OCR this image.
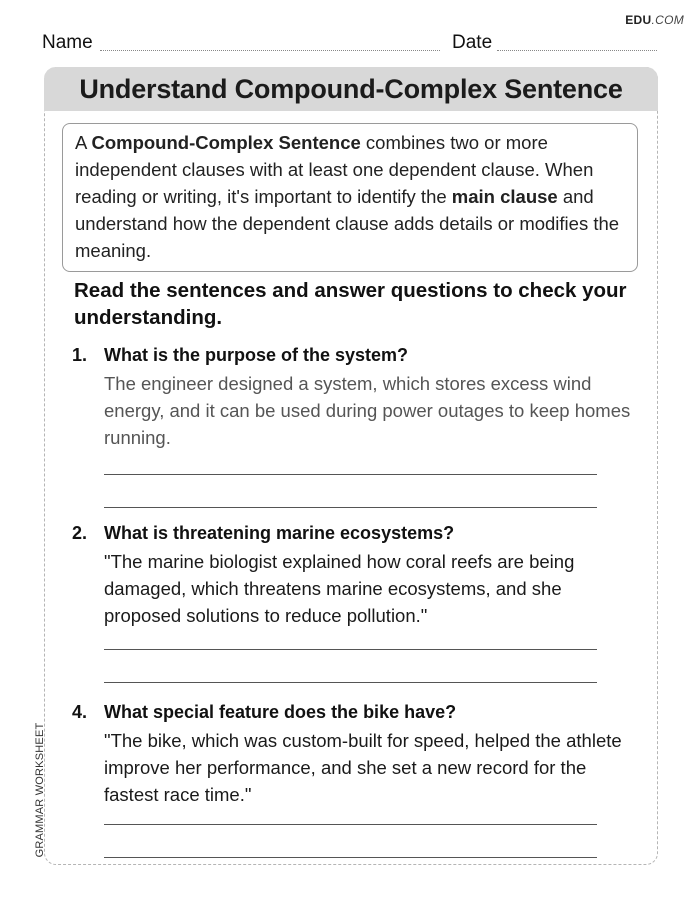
EDU.COM
Name	Date
Understand Compound-Complex Sentence
A Compound-Complex Sentence combines two or more independent clauses with at least one dependent clause. When reading or writing, it's important to identify the main clause and understand how the dependent clause adds details or modifies the meaning.
Read the sentences and answer questions to check your understanding.
1. What is the purpose of the system?
The engineer designed a system, which stores excess wind energy, and it can be used during power outages to keep homes running.
2. What is threatening marine ecosystems?
"The marine biologist explained how coral reefs are being damaged, which threatens marine ecosystems, and she proposed solutions to reduce pollution."
4. What special feature does the bike have?
"The bike, which was custom-built for speed, helped the athlete improve her performance, and she set a new record for the fastest race time."
GRAMMAR WORKSHEET
